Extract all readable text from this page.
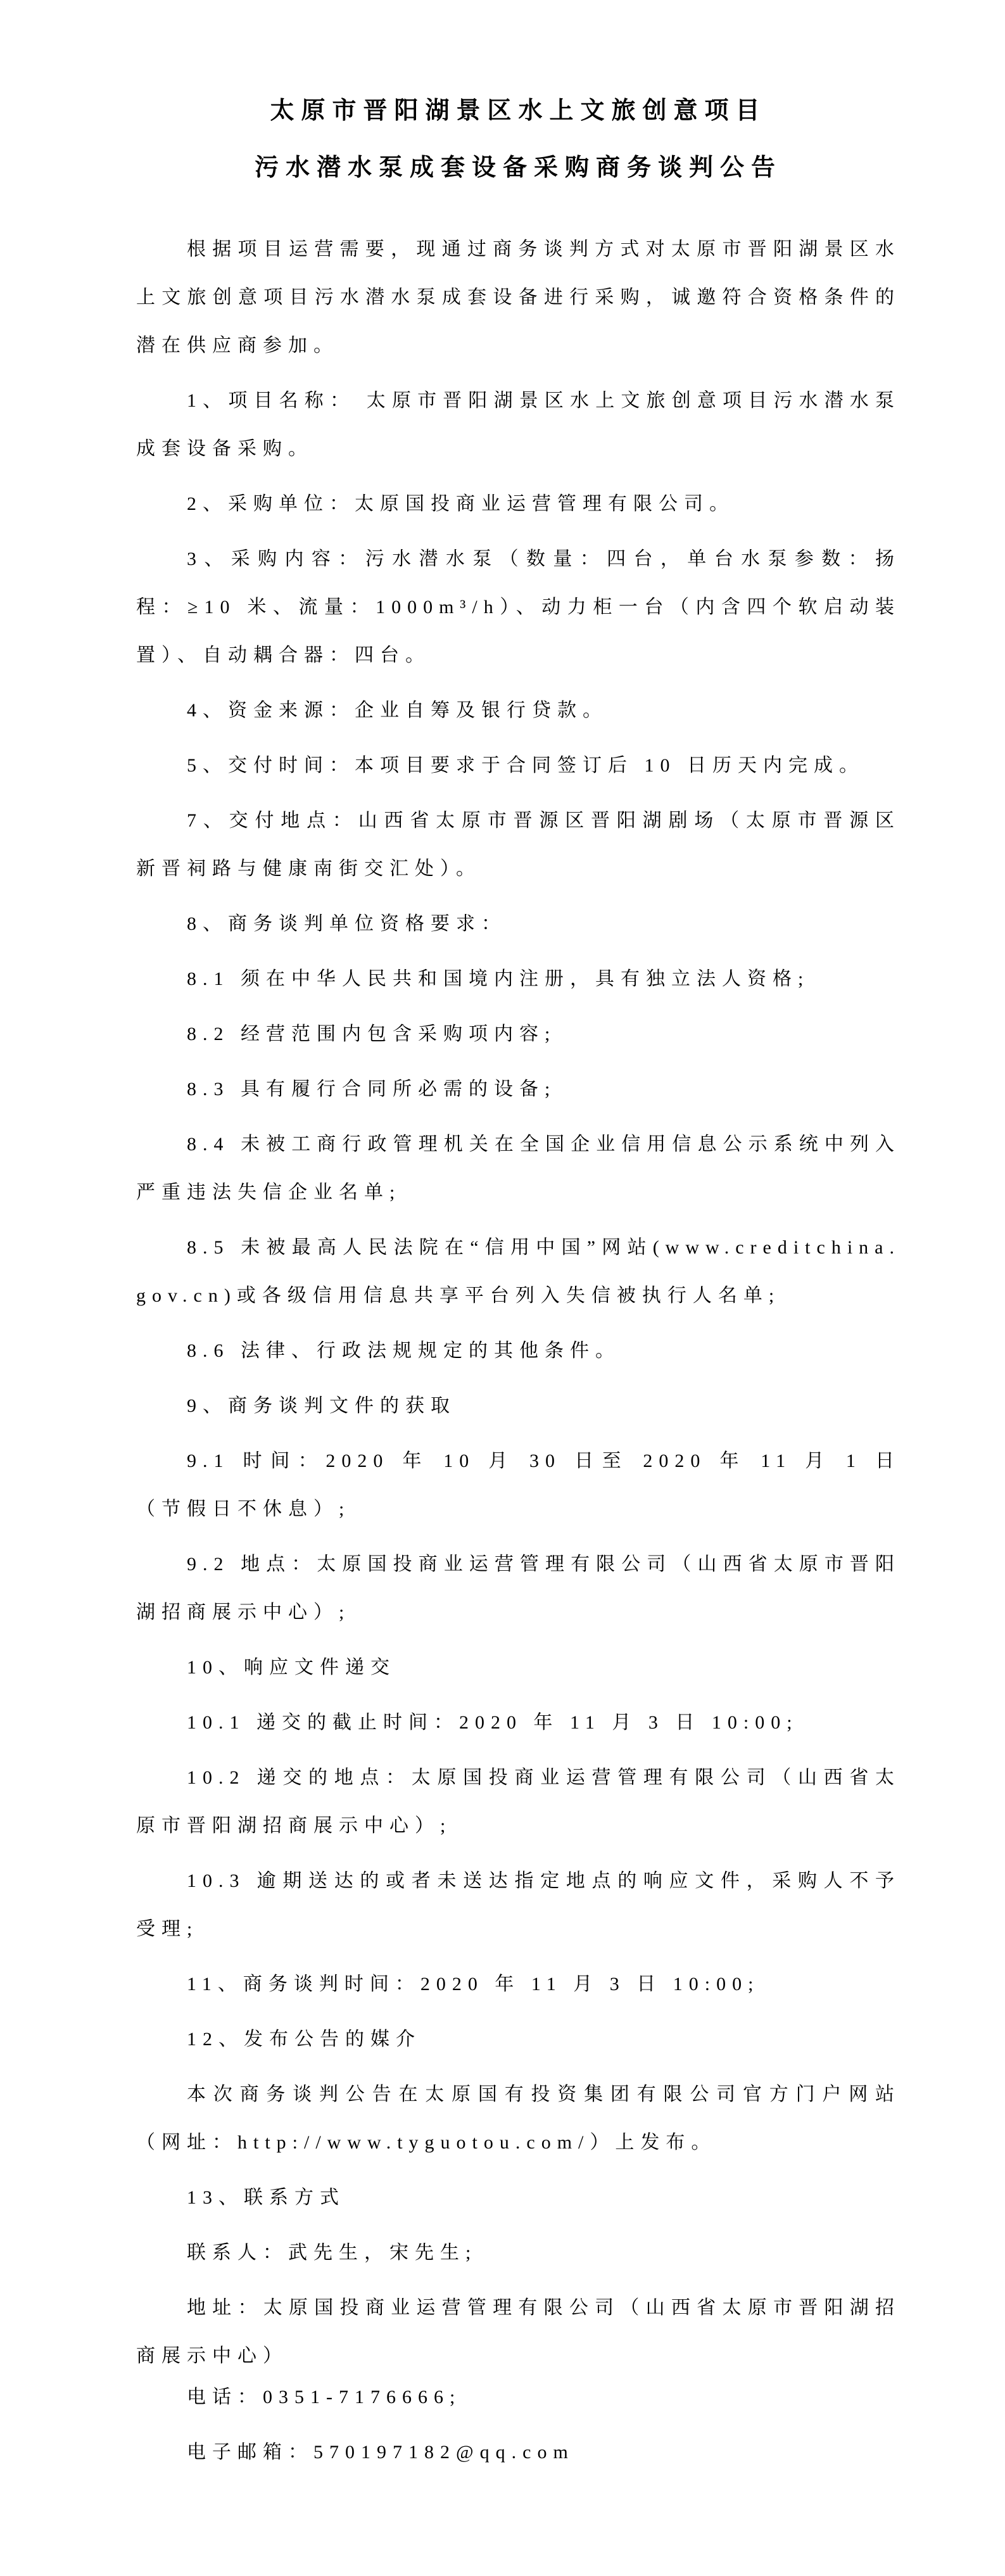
太原市晋阳湖景区水上文旅创意项目
污水潜水泵成套设备采购商务谈判公告

根据项目运营需要，现通过商务谈判方式对太原市晋阳湖景区水上文旅创意项目污水潜水泵成套设备进行采购，诚邀符合资格条件的潜在供应商参加。

1、项目名称： 太原市晋阳湖景区水上文旅创意项目污水潜水泵成套设备采购。

2、采购单位：太原国投商业运营管理有限公司。

3、采购内容：污水潜水泵（数量：四台，单台水泵参数：扬程：≥10 米、流量：1000m³/h）、动力柜一台（内含四个软启动装置）、自动耦合器：四台。

4、资金来源：企业自筹及银行贷款。

5、交付时间：本项目要求于合同签订后 10 日历天内完成。

7、交付地点：山西省太原市晋源区晋阳湖剧场（太原市晋源区新晋祠路与健康南街交汇处）。

8、商务谈判单位资格要求：

8.1 须在中华人民共和国境内注册，具有独立法人资格;

8.2 经营范围内包含采购项内容;

8.3 具有履行合同所必需的设备;

8.4 未被工商行政管理机关在全国企业信用信息公示系统中列入严重违法失信企业名单;

8.5 未被最高人民法院在“信用中国”网站(www.creditchina.gov.cn)或各级信用信息共享平台列入失信被执行人名单;

8.6 法律、行政法规规定的其他条件。

9、商务谈判文件的获取

9.1 时间：2020 年 10 月 30 日至 2020 年 11 月 1 日（节假日不休息）;

9.2 地点：太原国投商业运营管理有限公司（山西省太原市晋阳湖招商展示中心）;

10、响应文件递交

10.1 递交的截止时间：2020 年 11 月 3 日 10:00;

10.2 递交的地点：太原国投商业运营管理有限公司（山西省太原市晋阳湖招商展示中心）;

10.3 逾期送达的或者未送达指定地点的响应文件，采购人不予受理;

11、商务谈判时间：2020 年 11 月 3 日 10:00;

12、发布公告的媒介

本次商务谈判公告在太原国有投资集团有限公司官方门户网站（网址：http://www.tyguotou.com/）上发布。

13、联系方式

联系人：武先生，宋先生;

地址：太原国投商业运营管理有限公司（山西省太原市晋阳湖招商展示中心）

电话：0351-7176666;

电子邮箱：570197182@qq.com
